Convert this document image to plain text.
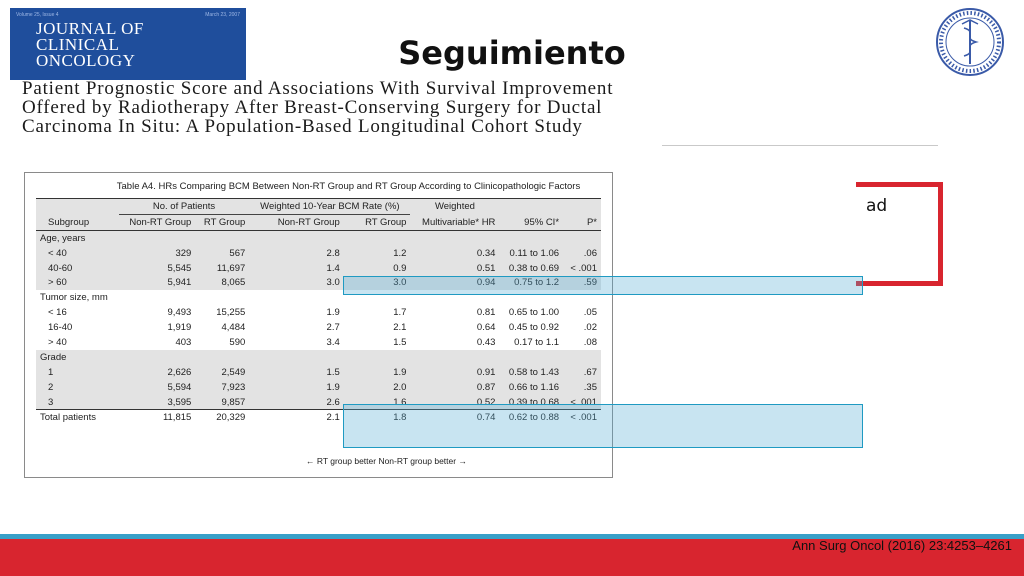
Volume 25, Issue 4	March 23, 2007
JOURNAL OF
CLINICAL
ONCOLOGY	Seguimiento
Patient Prognostic Score and Associations With Survival Improvement Offered by Radiotherapy After Breast-Conserving Surgery for Ductal Carcinoma In Situ: A Population-Based Longitudinal Cohort Study
ad
Table A4. HRs Comparing BCM Between Non-RT Group and RT Group According to Clinicopathologic Factors
	No. of Patients		Weighted 10-Year BCM Rate (%)		Weighted		
Subgroup	Non-RT Group	RT Group	Non-RT Group	RT Group	Multivariable* HR	95% CI*	P*
Age, years							
< 40	329	567	2.8	1.2	0.34	0.11 to 1.06	.06
40-60	5,545	11,697	1.4	0.9	0.51	0.38 to 0.69	< .001
> 60	5,941	8,065	3.0	3.0	0.94	0.75 to 1.2	.59
Tumor size, mm							
< 16	9,493	15,255	1.9	1.7	0.81	0.65 to 1.00	.05
16-40	1,919	4,484	2.7	2.1	0.64	0.45 to 0.92	.02
> 40	403	590	3.4	1.5	0.43	0.17 to 1.1	.08
Grade							
1	2,626	2,549	1.5	1.9	0.91	0.58 to 1.43	.67
2	5,594	7,923	1.9	2.0	0.87	0.66 to 1.16	.35
3	3,595	9,857	2.6	1.6	0.52	0.39 to 0.68	< .001
Total patients	11,815	20,329	2.1	1.8	0.74	0.62 to 0.88	< .001
← RT group better Non-RT group better →
Ann Surg Oncol (2016) 23:4253–4261
